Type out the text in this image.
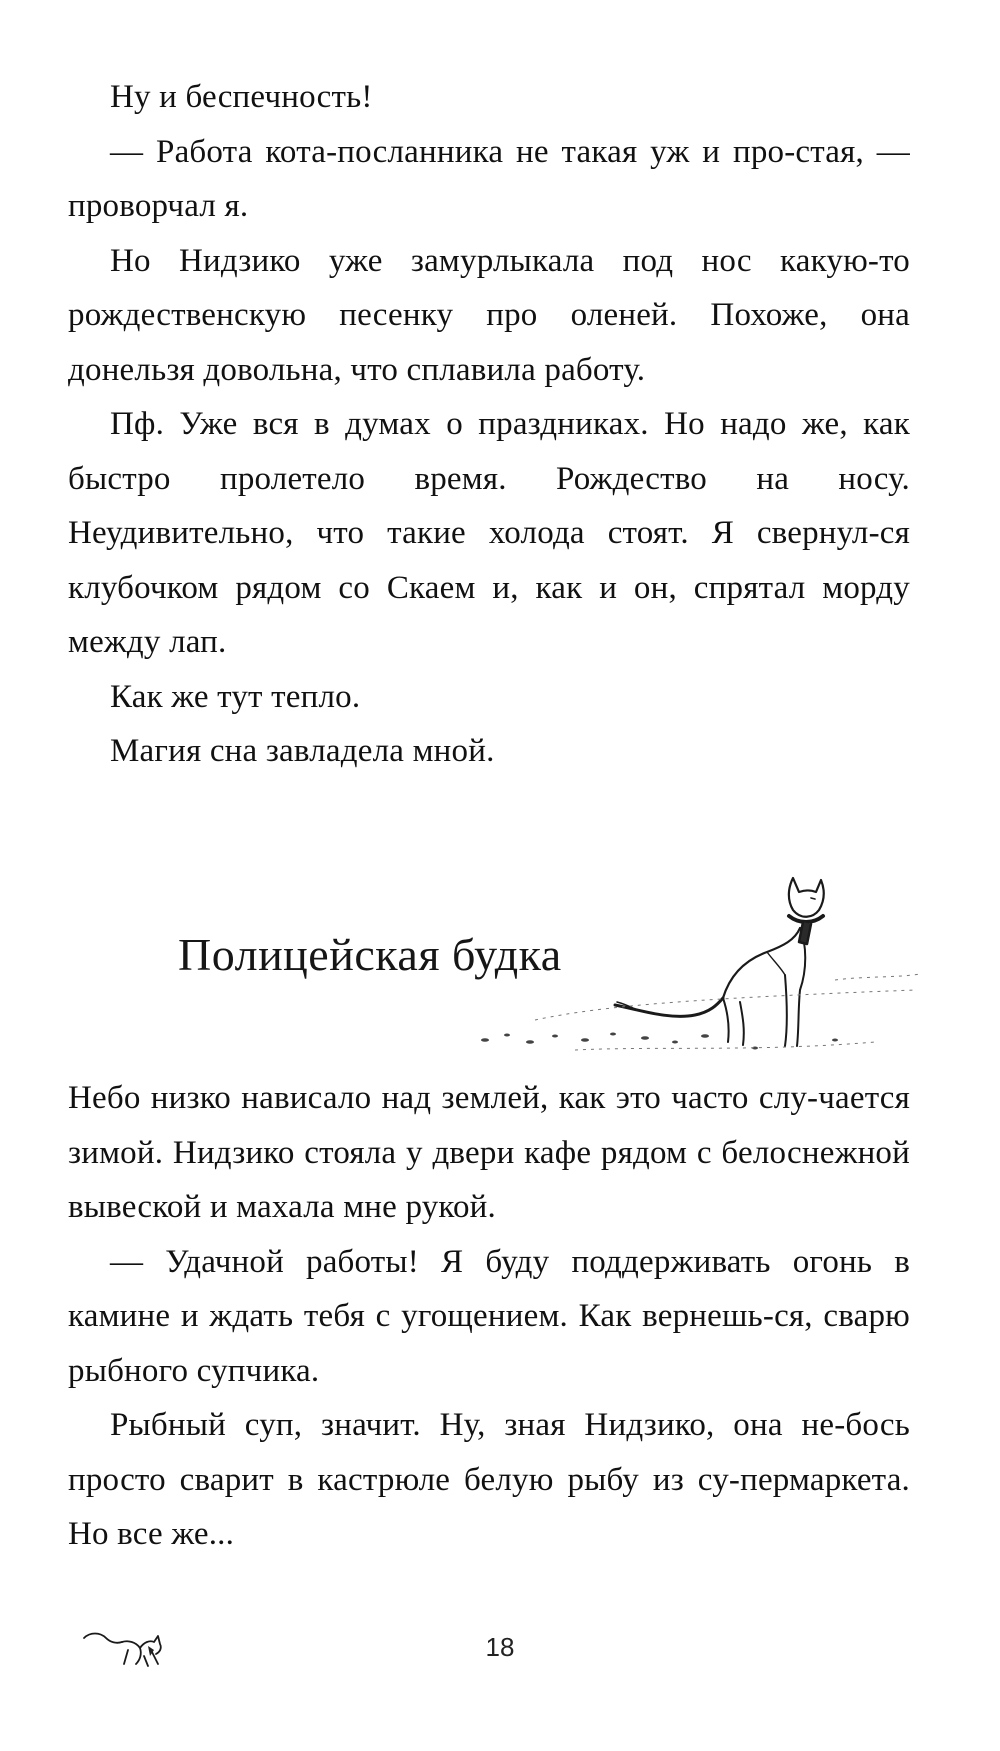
Ну и беспечность!

— Работа кота-посланника не такая уж и про-стая, — проворчал я.

Но Нидзико уже замурлыкала под нос какую-то рождественскую песенку про оленей. Похоже, она донельзя довольна, что сплавила работу.

Пф. Уже вся в думах о праздниках. Но надо же, как быстро пролетело время. Рождество на носу. Неудивительно, что такие холода стоят. Я свернул-ся клубочком рядом со Скаем и, как и он, спрятал морду между лап.

Как же тут тепло.

Магия сна завладела мной.

Полицейская будка

Небо низко нависало над землей, как это часто слу-чается зимой. Нидзико стояла у двери кафе рядом с белоснежной вывеской и махала мне рукой.

— Удачной работы! Я буду поддерживать огонь в камине и ждать тебя с угощением. Как вернешь-ся, сварю рыбного супчика.

Рыбный суп, значит. Ну, зная Нидзико, она не-бось просто сварит в кастрюле белую рыбу из су-пермаркета. Но все же...

18
